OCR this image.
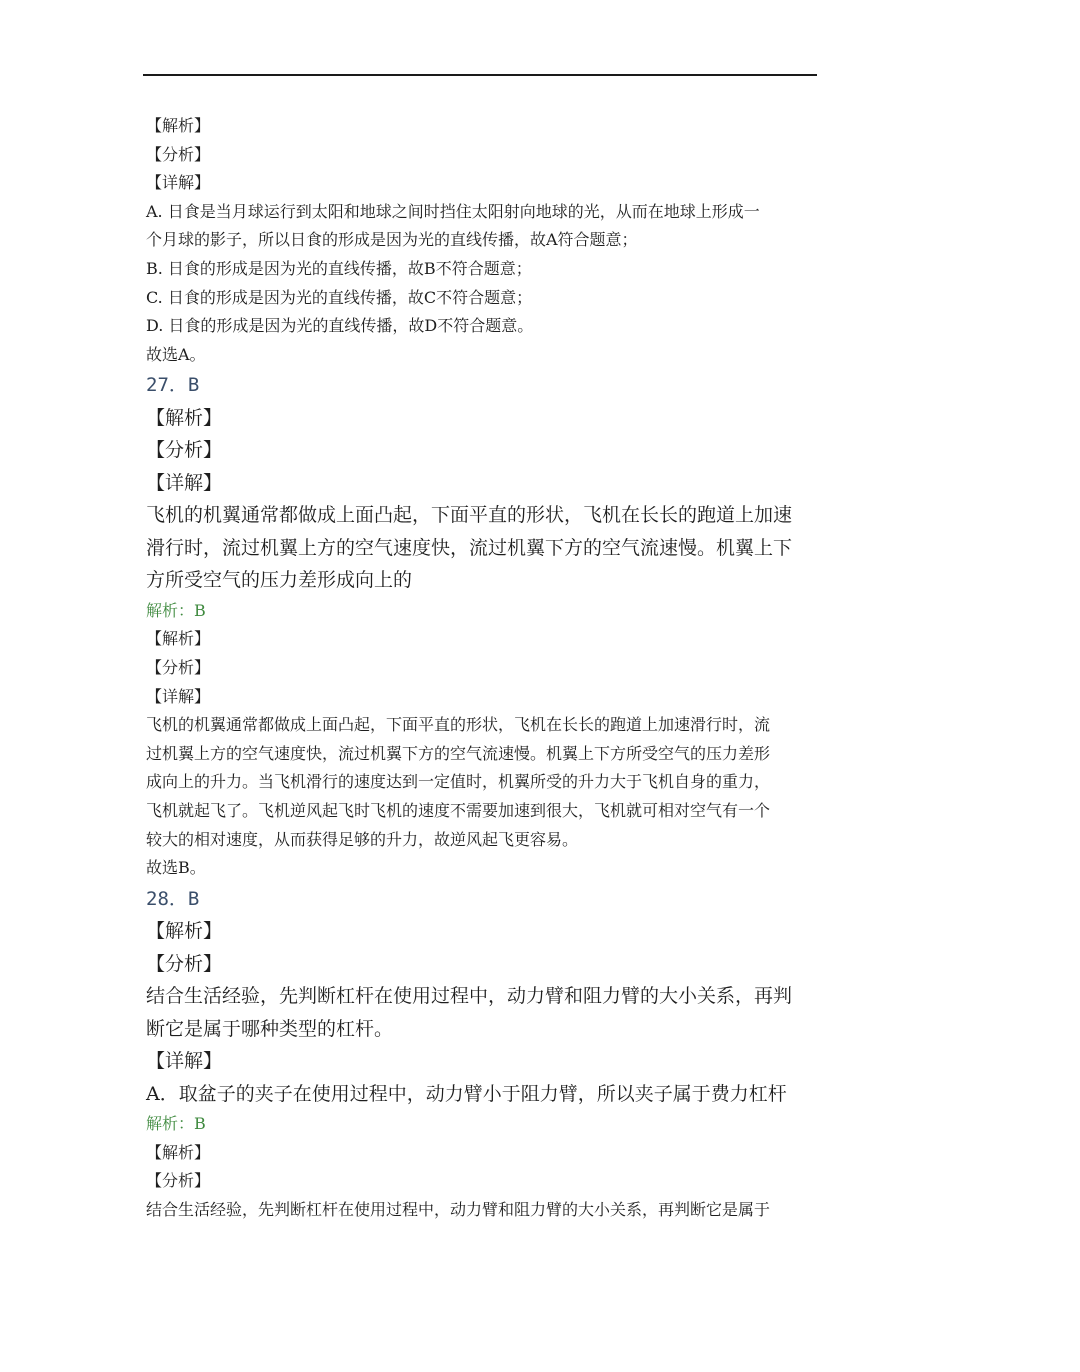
【解析】
【分析】
【详解】
A. 日食是当月球运行到太阳和地球之间时挡住太阳射向地球的光，从而在地球上形成一
个月球的影子，所以日食的形成是因为光的直线传播，故A符合题意；
B. 日食的形成是因为光的直线传播，故B不符合题意；
C. 日食的形成是因为光的直线传播，故C不符合题意；
D. 日食的形成是因为光的直线传播，故D不符合题意。
故选A。
27．B
【解析】
【分析】
【详解】
飞机的机翼通常都做成上面凸起，下面平直的形状，飞机在长长的跑道上加速
滑行时，流过机翼上方的空气速度快，流过机翼下方的空气流速慢。机翼上下
方所受空气的压力差形成向上的
解析：B
【解析】
【分析】
【详解】
飞机的机翼通常都做成上面凸起，下面平直的形状，飞机在长长的跑道上加速滑行时，流
过机翼上方的空气速度快，流过机翼下方的空气流速慢。机翼上下方所受空气的压力差形
成向上的升力。当飞机滑行的速度达到一定值时，机翼所受的升力大于飞机自身的重力，
飞机就起飞了。飞机逆风起飞时飞机的速度不需要加速到很大，飞机就可相对空气有一个
较大的相对速度，从而获得足够的升力，故逆风起飞更容易。
故选B。
28．B
【解析】
【分析】
结合生活经验，先判断杠杆在使用过程中，动力臂和阻力臂的大小关系，再判
断它是属于哪种类型的杠杆。
【详解】
A．取盆子的夹子在使用过程中，动力臂小于阻力臂，所以夹子属于费力杠杆
解析：B
【解析】
【分析】
结合生活经验，先判断杠杆在使用过程中，动力臂和阻力臂的大小关系，再判断它是属于
